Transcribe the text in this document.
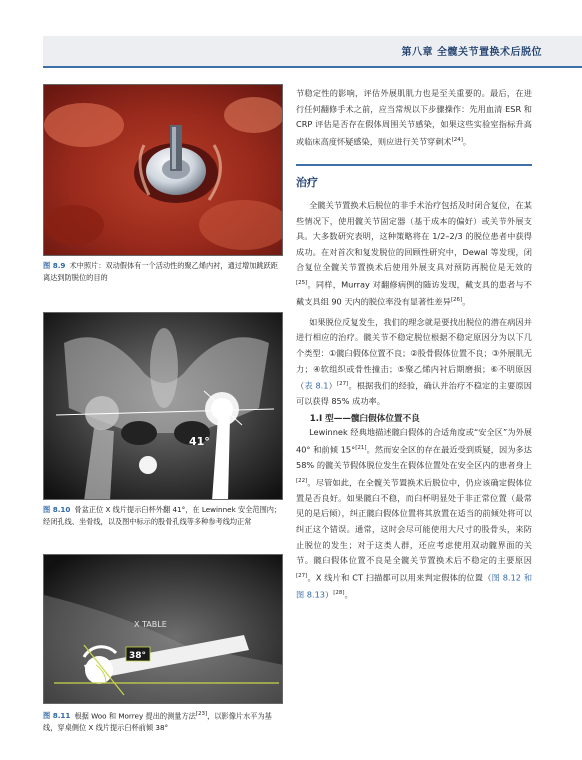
第八章 全髋关节置换术后脱位
图 8.9 术中照片：双动假体有一个活动性的聚乙烯内衬，通过增加跳跃距离达到防脱位的目的
41°
图 8.10 骨盆正位 X 线片提示臼杯外翻 41°，在 Lewinnek 安全范围内；经闭孔线、坐骨线，以及图中标示的股骨孔线等多种参考线均正常
X TABLE
38°
图 8.11 根据 Woo 和 Morrey 提出的测量方法[23]，以影像片水平为基线，穿桌侧位 X 线片提示臼杯前倾 38°

节稳定性的影响，评估外展肌肌力也是至关重要的。最后，在进行任何翻修手术之前，应当常规以下步骤操作：先用血清 ESR 和 CRP 评估是否存在假体周围关节感染，如果这些实验室指标升高或临床高度怀疑感染，则应进行关节穿刺术[24]。

治疗

全髋关节置换术后脱位的非手术治疗包括及时闭合复位，在某些情况下，使用髋关节固定器（基于成本的偏好）或关节外展支具。大多数研究表明，这种策略将在 1/2–2/3 的脱位患者中获得成功。在对首次和复发脱位的回顾性研究中，Dewal 等发现，闭合复位全髋关节置换术后使用外展支具对预防再脱位是无效的[25]。同样，Murray 对翻修病例的随访发现，戴支具的患者与不戴支具组 90 天内的脱位率没有显著性差异[26]。

如果脱位反复发生，我们的理念就是要找出脱位的潜在病因并进行相应的治疗。髋关节不稳定脱位根据不稳定原因分为以下几个类型：①髋臼假体位置不良；②股骨假体位置不良；③外展肌无力；④软组织或骨性撞击；⑤聚乙烯内衬后期磨损；⑥不明原因（表 8.1）[27]。根据我们的经验，确认并治疗不稳定的主要原因可以获得 85% 成功率。

1.I 型——髋臼假体位置不良

Lewinnek 经典地描述髋臼假体的合适角度或“安全区”为外展 40° 和前倾 15°[21]。然而安全区的存在最近受到质疑，因为多达 58% 的髋关节假体脱位发生在假体位置处在安全区内的患者身上[22]。尽管如此，在全髋关节置换术后脱位中，仍应该确定假体位置是否良好。如果髋臼不稳，而臼杯明显处于非正常位置（最常见的是后倾），纠正髋臼假体位置将其放置在适当的前倾处将可以纠正这个错误。通常，这时会尽可能使用大尺寸的股骨头，来防止脱位的发生；对于这类人群，还应考虑使用双动髋界面的关节。髋臼假体位置不良是全髋关节置换术后不稳定的主要原因[27]。X 线片和 CT 扫描都可以用来判定假体的位置（图 8.12 和图 8.13）[28]。
